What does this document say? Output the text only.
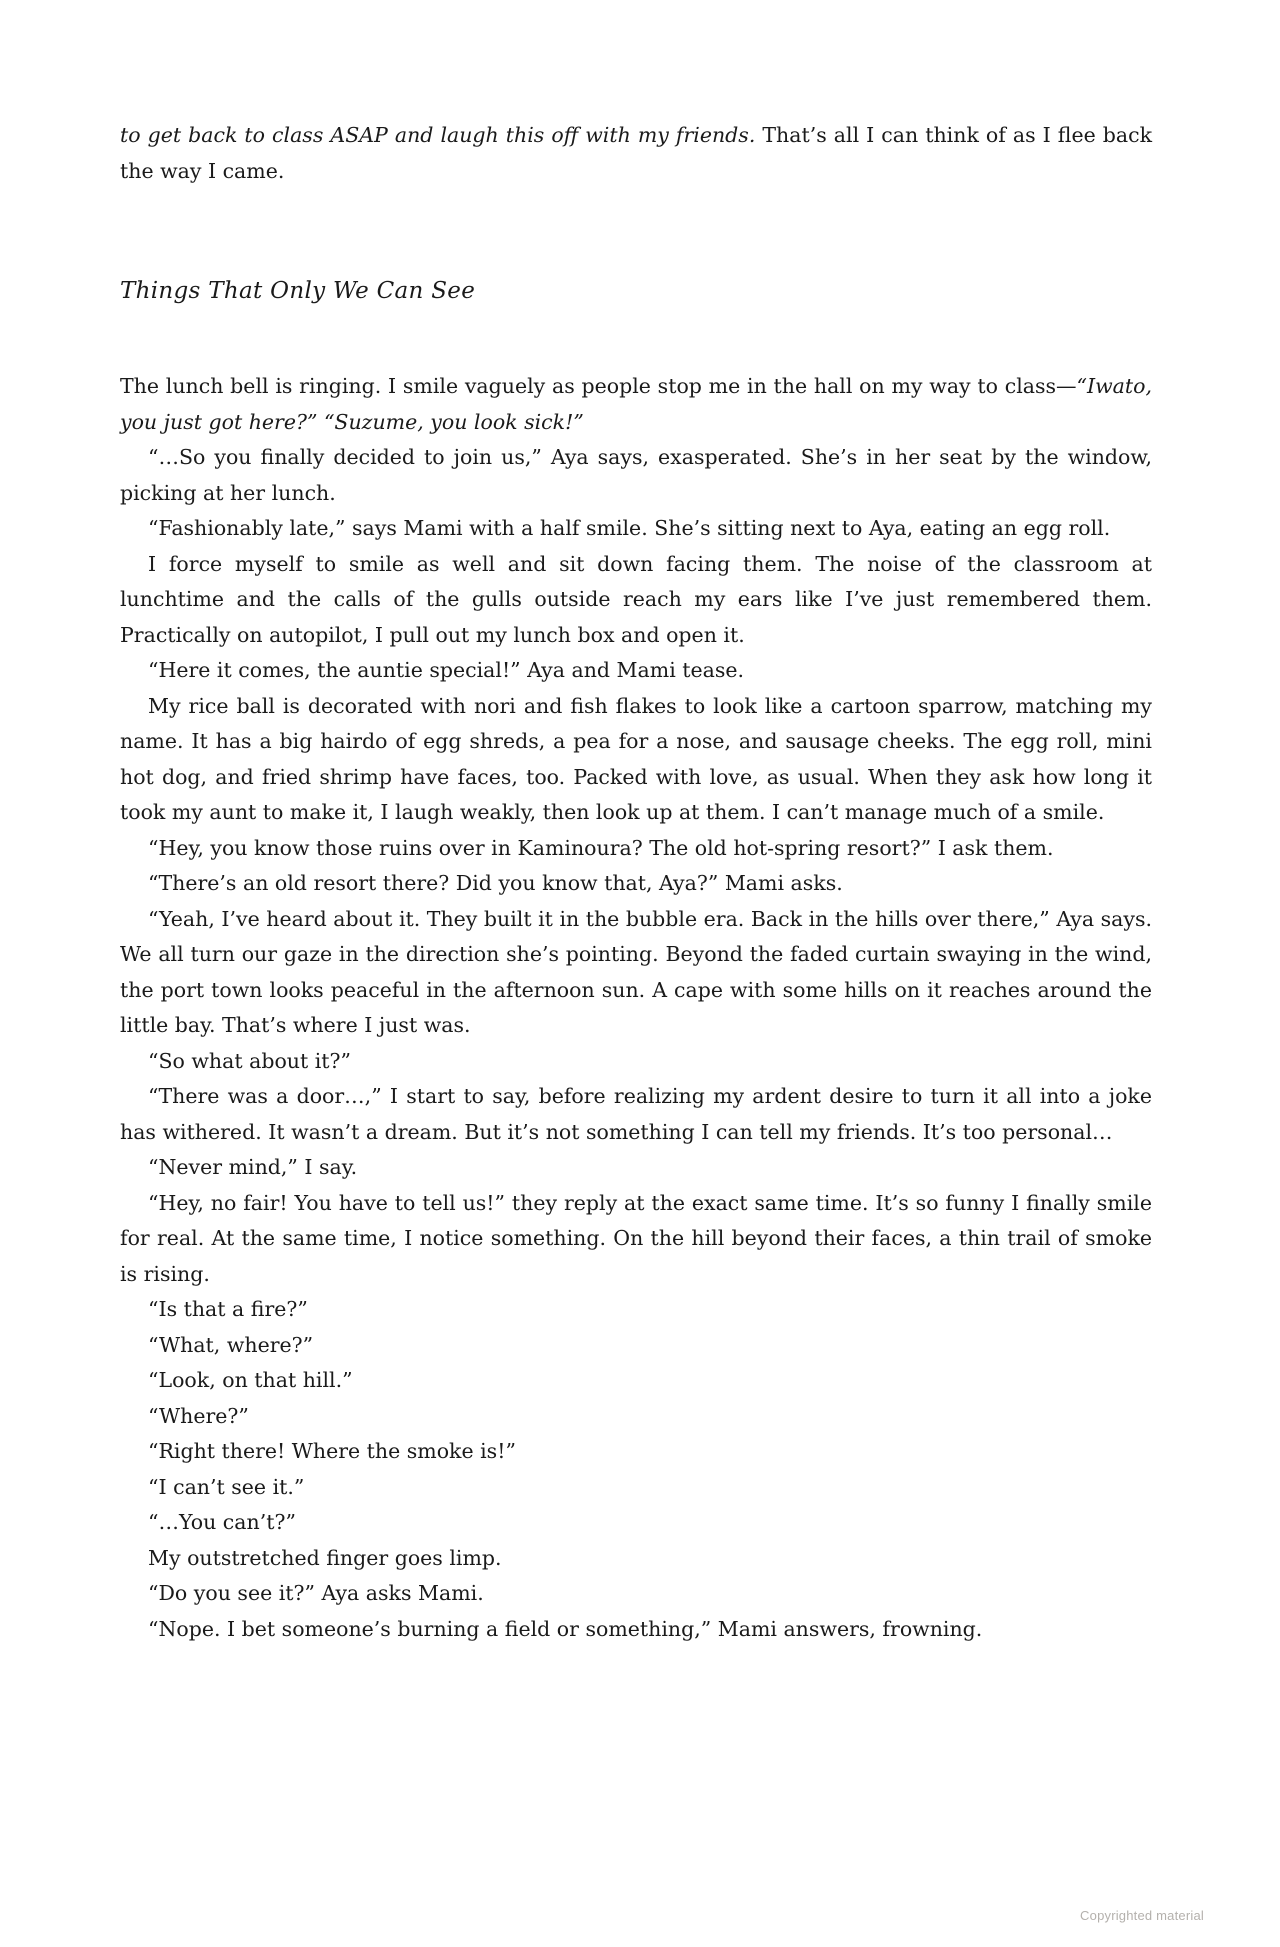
to get back to class ASAP and laugh this off with my friends. That’s all I can think of as I flee back the way I came.

Things That Only We Can See

The lunch bell is ringing. I smile vaguely as people stop me in the hall on my way to class—“Iwato, you just got here?” “Suzume, you look sick!”

“…So you finally decided to join us,” Aya says, exasperated. She’s in her seat by the window, picking at her lunch.

“Fashionably late,” says Mami with a half smile. She’s sitting next to Aya, eating an egg roll.

I force myself to smile as well and sit down facing them. The noise of the classroom at lunchtime and the calls of the gulls outside reach my ears like I’ve just remembered them. Practically on autopilot, I pull out my lunch box and open it.

“Here it comes, the auntie special!” Aya and Mami tease.

My rice ball is decorated with nori and fish flakes to look like a cartoon sparrow, matching my name. It has a big hairdo of egg shreds, a pea for a nose, and sausage cheeks. The egg roll, mini hot dog, and fried shrimp have faces, too. Packed with love, as usual. When they ask how long it took my aunt to make it, I laugh weakly, then look up at them. I can’t manage much of a smile.

“Hey, you know those ruins over in Kaminoura? The old hot-spring resort?” I ask them.

“There’s an old resort there? Did you know that, Aya?” Mami asks.

“Yeah, I’ve heard about it. They built it in the bubble era. Back in the hills over there,” Aya says. We all turn our gaze in the direction she’s pointing. Beyond the faded curtain swaying in the wind, the port town looks peaceful in the afternoon sun. A cape with some hills on it reaches around the little bay. That’s where I just was.

“So what about it?”

“There was a door…,” I start to say, before realizing my ardent desire to turn it all into a joke has withered. It wasn’t a dream. But it’s not something I can tell my friends. It’s too personal…

“Never mind,” I say.

“Hey, no fair! You have to tell us!” they reply at the exact same time. It’s so funny I finally smile for real. At the same time, I notice something. On the hill beyond their faces, a thin trail of smoke is rising.

“Is that a fire?”

“What, where?”

“Look, on that hill.”

“Where?”

“Right there! Where the smoke is!”

“I can’t see it.”

“…You can’t?”

My outstretched finger goes limp.

“Do you see it?” Aya asks Mami.

“Nope. I bet someone’s burning a field or something,” Mami answers, frowning.

Copyrighted material
